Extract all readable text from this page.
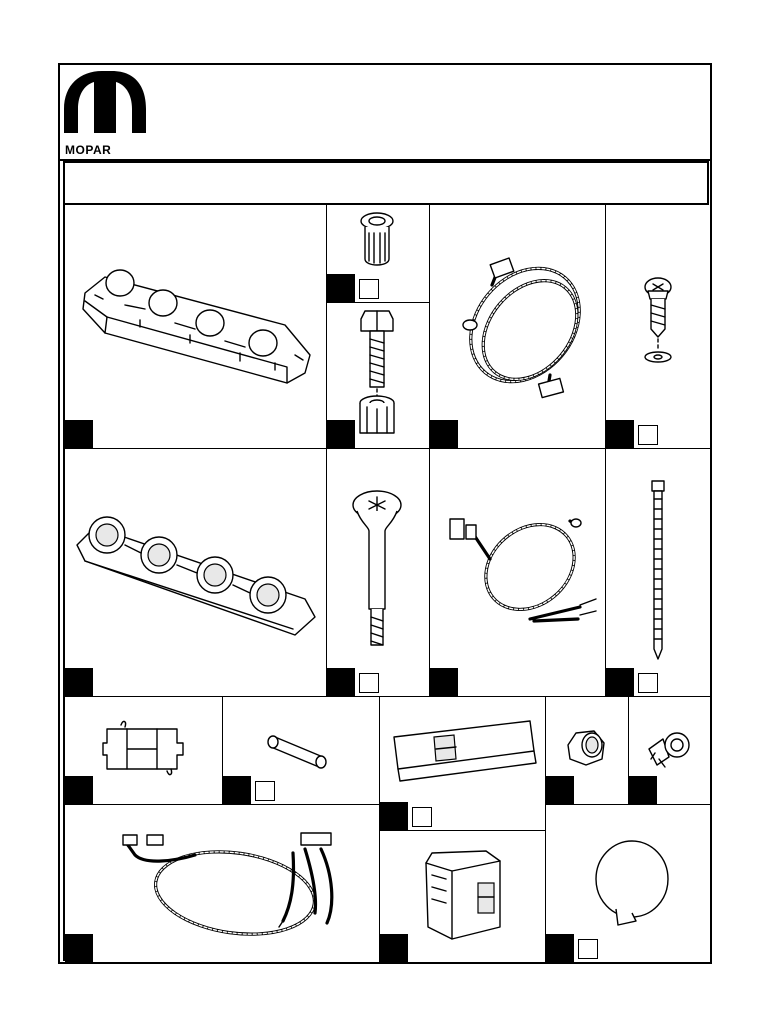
MOPAR
